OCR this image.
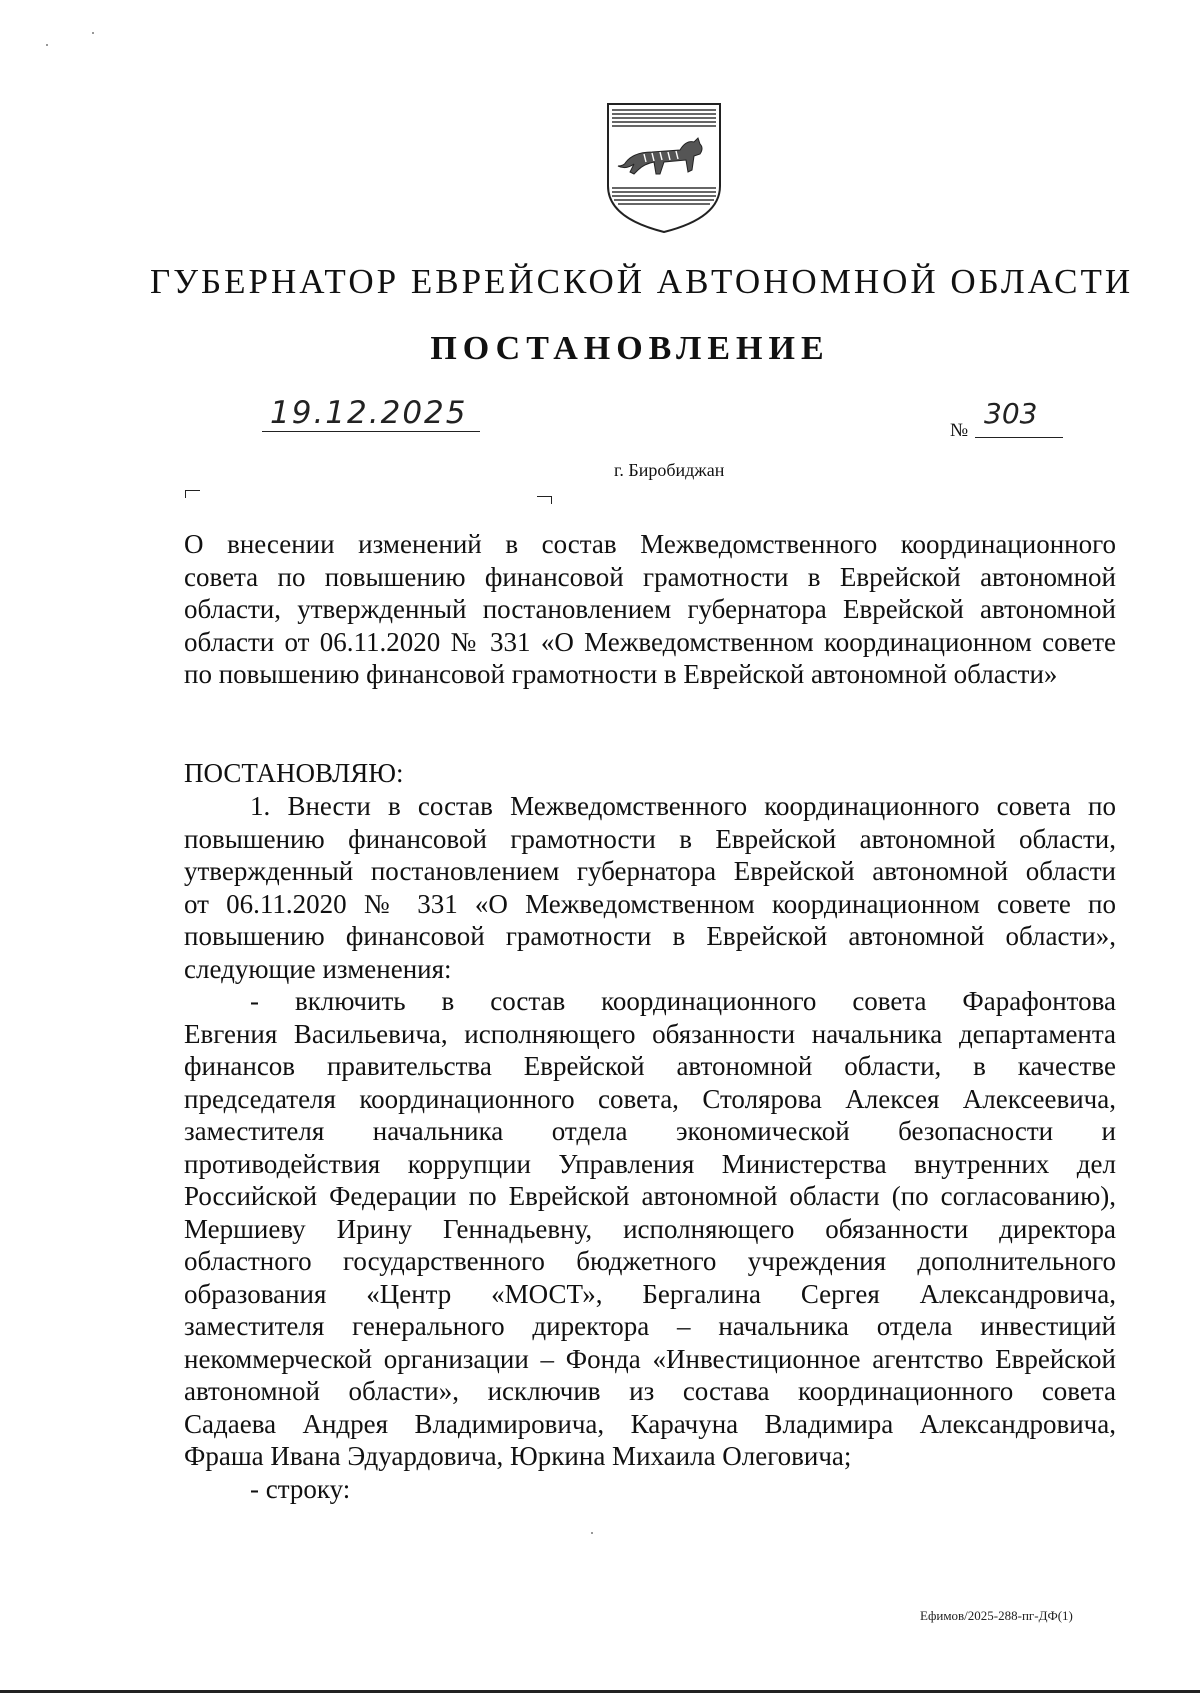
ГУБЕРНАТОР ЕВРЕЙСКОЙ АВТОНОМНОЙ ОБЛАСТИ
ПОСТАНОВЛЕНИЕ
19.12.2025	№
303
г. Биробиджан
О внесении изменений в состав Межведомственного координационного
совета по повышению финансовой грамотности в Еврейской автономной
области, утвержденный постановлением губернатора Еврейской автономной
области от 06.11.2020 № 331 «О Межведомственном координационном совете
по повышению финансовой грамотности в Еврейской автономной области»
ПОСТАНОВЛЯЮ:
1. Внести в состав Межведомственного координационного совета по
повышению финансовой грамотности в Еврейской автономной области,
утвержденный постановлением губернатора Еврейской автономной области
от 06.11.2020 № 331 «О Межведомственном координационном совете по
повышению финансовой грамотности в Еврейской автономной области»,
следующие изменения:
- включить в состав координационного совета Фарафонтова
Евгения Васильевича, исполняющего обязанности начальника департамента
финансов правительства Еврейской автономной области, в качестве
председателя координационного совета, Столярова Алексея Алексеевича,
заместителя начальника отдела экономической безопасности и
противодействия коррупции Управления Министерства внутренних дел
Российской Федерации по Еврейской автономной области (по согласованию),
Мершиеву Ирину Геннадьевну, исполняющего обязанности директора
областного государственного бюджетного учреждения дополнительного
образования «Центр «МОСТ», Бергалина Сергея Александровича,
заместителя генерального директора – начальника отдела инвестиций
некоммерческой организации – Фонда «Инвестиционное агентство Еврейской
автономной области», исключив из состава координационного совета
Садаева Андрея Владимировича, Карачуна Владимира Александровича,
Фраша Ивана Эдуардовича, Юркина Михаила Олеговича;
- строку:
Ефимов/2025-288-пг-ДФ(1)
